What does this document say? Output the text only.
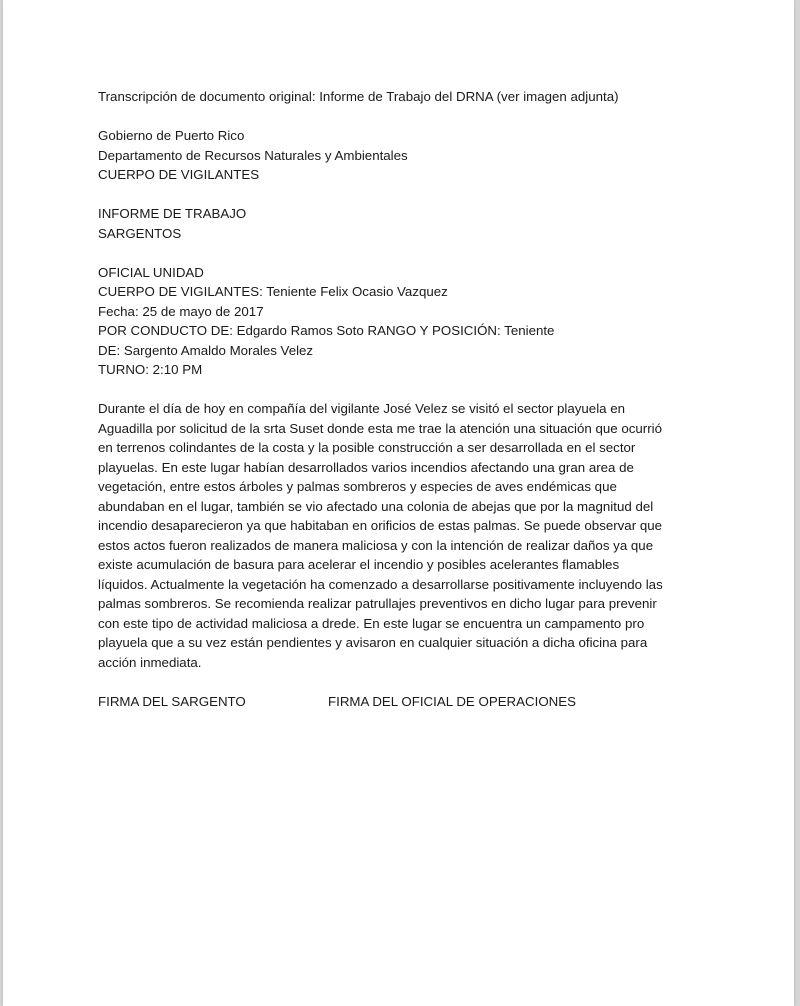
Transcripción de documento original: Informe de Trabajo del DRNA (ver imagen adjunta)
Gobierno de Puerto Rico
Departamento de Recursos Naturales y Ambientales
CUERPO DE VIGILANTES
INFORME DE TRABAJO
SARGENTOS
OFICIAL UNIDAD
CUERPO DE VIGILANTES: Teniente Felix Ocasio Vazquez
Fecha: 25 de mayo de 2017
POR CONDUCTO DE: Edgardo Ramos Soto RANGO Y POSICIÓN: Teniente
DE: Sargento Amaldo Morales Velez
TURNO: 2:10 PM
Durante el día de hoy en compañía del vigilante José Velez se visitó el sector playuela en
Aguadilla por solicitud de la srta Suset donde esta me trae la atención una situación que ocurrió
en terrenos colindantes de la costa y la posible construcción a ser desarrollada en el sector
playuelas. En este lugar habían desarrollados varios incendios afectando una gran area de
vegetación, entre estos árboles y palmas sombreros y especies de aves endémicas que
abundaban en el lugar, también se vio afectado una colonia de abejas que por la magnitud del
incendio desaparecieron ya que habitaban en orificios de estas palmas. Se puede observar que
estos actos fueron realizados de manera maliciosa y con la intención de realizar daños ya que
existe acumulación de basura para acelerar el incendio y posibles acelerantes flamables
líquidos. Actualmente la vegetación ha comenzado a desarrollarse positivamente incluyendo las
palmas sombreros. Se recomienda realizar patrullajes preventivos en dicho lugar para prevenir
con este tipo de actividad maliciosa a drede. En este lugar se encuentra un campamento pro
playuela que a su vez están pendientes y avisaron en cualquier situación a dicha oficina para
acción inmediata.
FIRMA DEL SARGENTO	FIRMA DEL OFICIAL DE OPERACIONES
